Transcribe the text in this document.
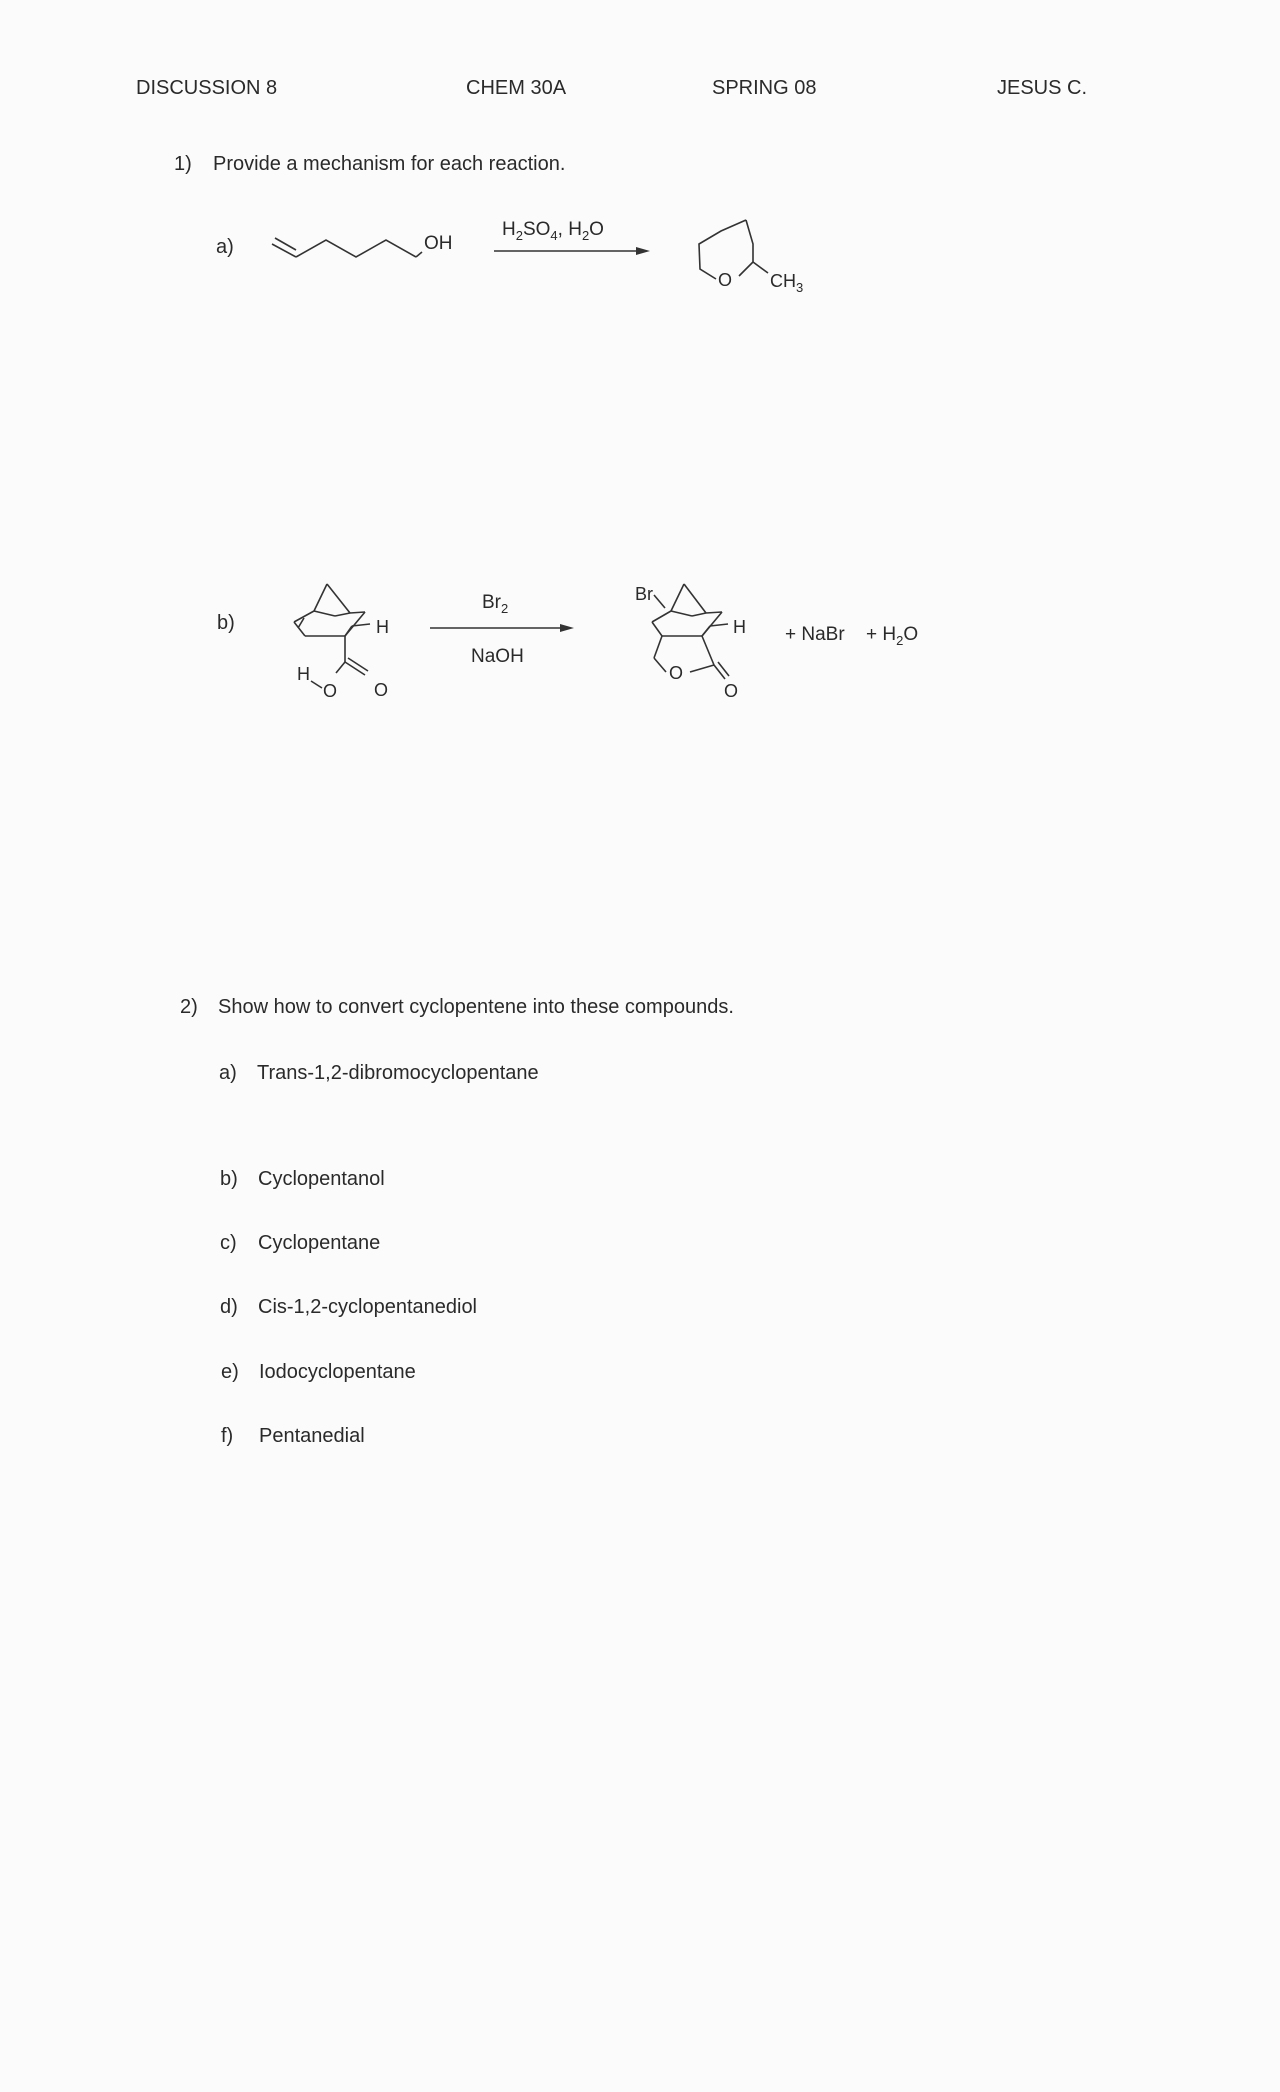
DISCUSSION 8	CHEM 30A	SPRING 08	JESUS C.
1) Provide a mechanism for each reaction.
a)
b)
OH
$H_2SO_4$, $H_2O$
O $CH_3$
H
H
O O
$Br_2$
NaOH
Br
H
O
O
+ NaBr + $H_2O$
2) Show how to convert cyclopentene into these compounds.
a) Trans-1,2-dibromocyclopentane
b) Cyclopentanol
c) Cyclopentane
d) Cis-1,2-cyclopentanediol
e) Iodocyclopentane
f) Pentanedial
